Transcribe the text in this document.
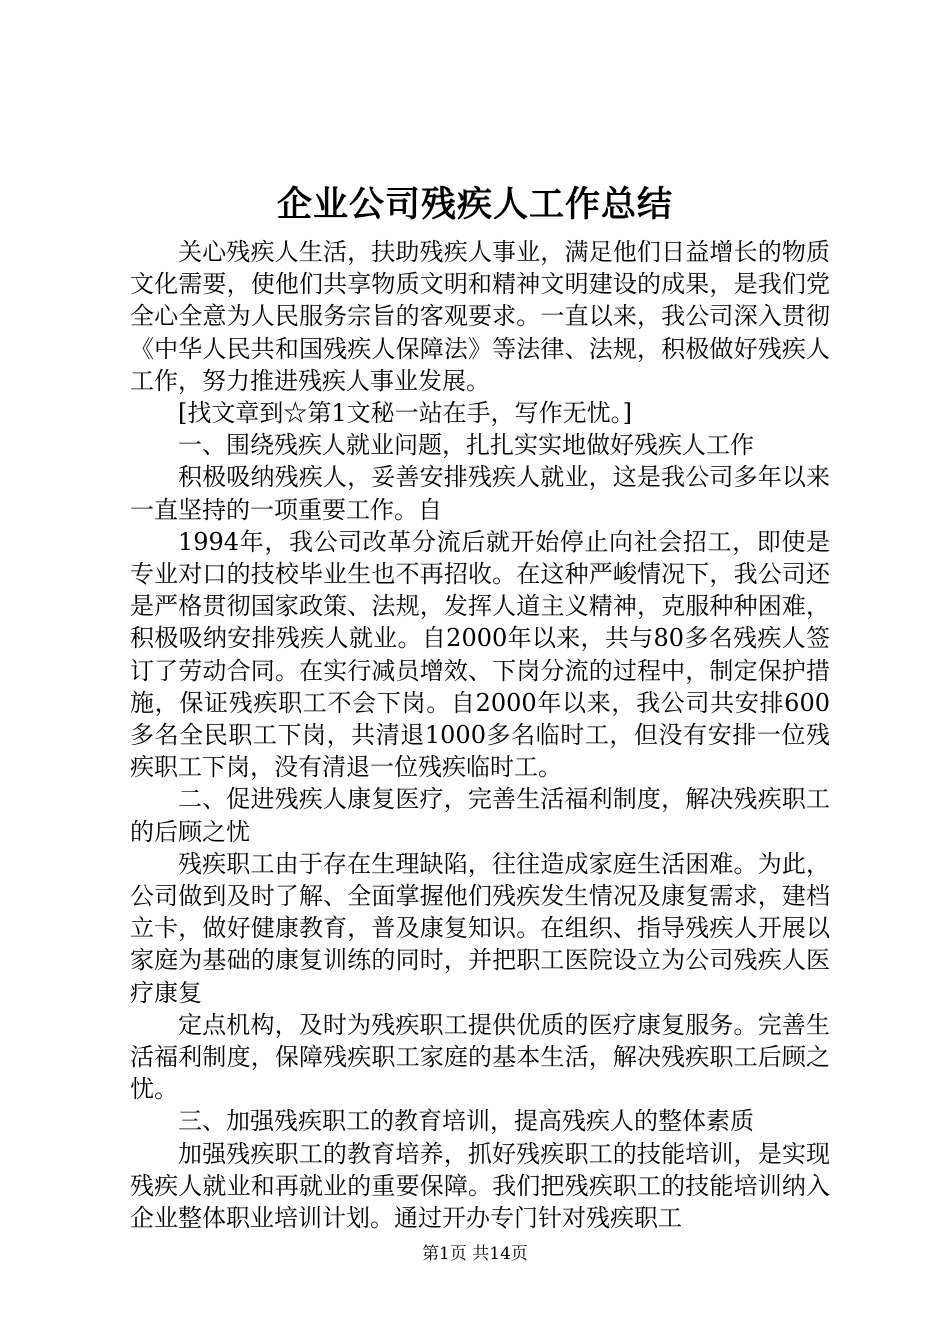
企业公司残疾人工作总结

关心残疾人生活，扶助残疾人事业，满足他们日益增长的物质文化需要，使他们共享物质文明和精神文明建设的成果，是我们党全心全意为人民服务宗旨的客观要求。一直以来，我公司深入贯彻《中华人民共和国残疾人保障法》等法律、法规，积极做好残疾人工作，努力推进残疾人事业发展。

[找文章到☆第1文秘一站在手，写作无忧。]

一、围绕残疾人就业问题，扎扎实实地做好残疾人工作

积极吸纳残疾人，妥善安排残疾人就业，这是我公司多年以来一直坚持的一项重要工作。自

1994年，我公司改革分流后就开始停止向社会招工，即使是专业对口的技校毕业生也不再招收。在这种严峻情况下，我公司还是严格贯彻国家政策、法规，发挥人道主义精神，克服种种困难，积极吸纳安排残疾人就业。自2000年以来，共与80多名残疾人签订了劳动合同。在实行减员增效、下岗分流的过程中，制定保护措施，保证残疾职工不会下岗。自2000年以来，我公司共安排600多名全民职工下岗，共清退1000多名临时工，但没有安排一位残疾职工下岗，没有清退一位残疾临时工。

二、促进残疾人康复医疗，完善生活福利制度，解决残疾职工的后顾之忧

残疾职工由于存在生理缺陷，往往造成家庭生活困难。为此，公司做到及时了解、全面掌握他们残疾发生情况及康复需求，建档立卡，做好健康教育，普及康复知识。在组织、指导残疾人开展以家庭为基础的康复训练的同时，并把职工医院设立为公司残疾人医疗康复

定点机构，及时为残疾职工提供优质的医疗康复服务。完善生活福利制度，保障残疾职工家庭的基本生活，解决残疾职工后顾之忧。

三、加强残疾职工的教育培训，提高残疾人的整体素质

加强残疾职工的教育培养，抓好残疾职工的技能培训，是实现残疾人就业和再就业的重要保障。我们把残疾职工的技能培训纳入企业整体职业培训计划。通过开办专门针对残疾职工

第1页 共14页
